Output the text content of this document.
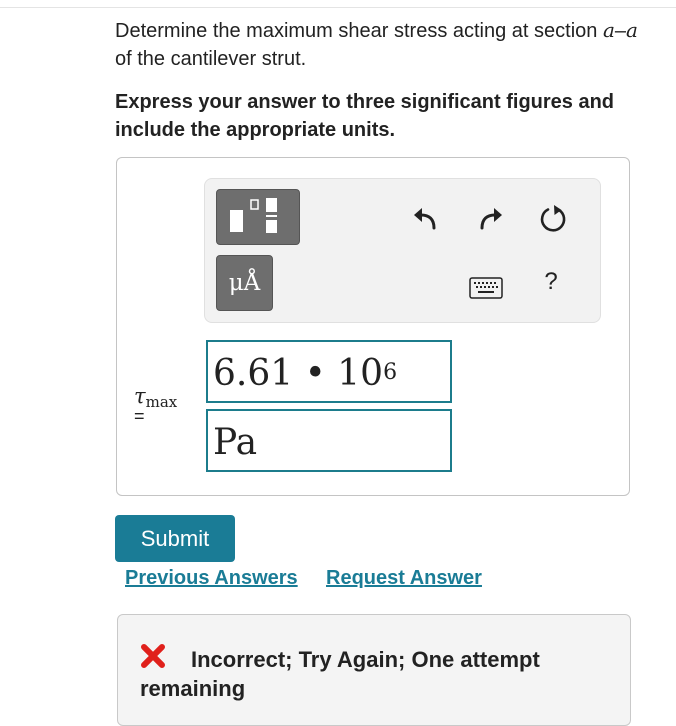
Determine the maximum shear stress acting at section a–a of the cantilever strut.
Express your answer to three significant figures and include the appropriate units.
μÅ	?
τmax
=
6.61 • $10^6$
Pa
Submit
Previous Answers Request Answer
Incorrect; Try Again; One attempt remaining
